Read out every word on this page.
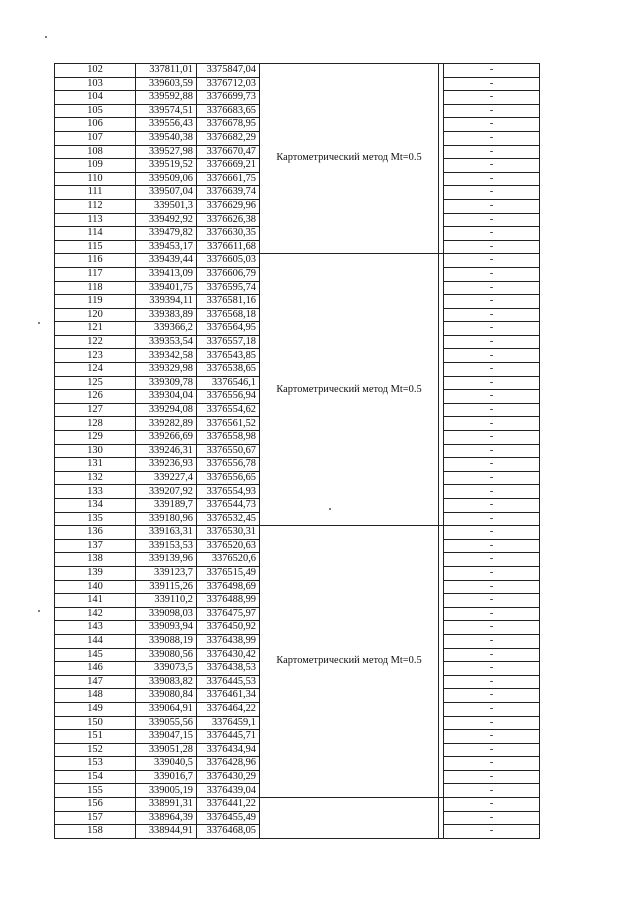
102	337811,01	3375847,04	Картометрический метод Mt=0.5		-
103	339603,59	3376712,03			-
104	339592,88	3376699,73			-
105	339574,51	3376683,65			-
106	339556,43	3376678,95			-
107	339540,38	3376682,29			-
108	339527,98	3376670,47			-
109	339519,52	3376669,21			-
110	339509,06	3376661,75			-
111	339507,04	3376639,74			-
112	339501,3	3376629,96			-
113	339492,92	3376626,38			-
114	339479,82	3376630,35			-
115	339453,17	3376611,68			-
116	339439,44	3376605,03	Картометрический метод Mt=0.5		-
117	339413,09	3376606,79			-
118	339401,75	3376595,74			-
119	339394,11	3376581,16			-
120	339383,89	3376568,18			-
121	339366,2	3376564,95			-
122	339353,54	3376557,18			-
123	339342,58	3376543,85			-
124	339329,98	3376538,65			-
125	339309,78	3376546,1			-
126	339304,04	3376556,94			-
127	339294,08	3376554,62			-
128	339282,89	3376561,52			-
129	339266,69	3376558,98			-
130	339246,31	3376550,67			-
131	339236,93	3376556,78			-
132	339227,4	3376556,65			-
133	339207,92	3376554,93			-
134	339189,7	3376544,73			-
135	339180,96	3376532,45			-
136	339163,31	3376530,31	Картометрический метод Mt=0.5		-
137	339153,53	3376520,63			-
138	339139,96	3376520,6			-
139	339123,7	3376515,49			-
140	339115,26	3376498,69			-
141	339110,2	3376488,99			-
142	339098,03	3376475,97			-
143	339093,94	3376450,92			-
144	339088,19	3376438,99			-
145	339080,56	3376430,42			-
146	339073,5	3376438,53			-
147	339083,82	3376445,53			-
148	339080,84	3376461,34			-
149	339064,91	3376464,22			-
150	339055,56	3376459,1			-
151	339047,15	3376445,71			-
152	339051,28	3376434,94			-
153	339040,5	3376428,96			-
154	339016,7	3376430,29			-
155	339005,19	3376439,04			-
156	338991,31	3376441,22			-
157	338964,39	3376455,49			-
158	338944,91	3376468,05			-
